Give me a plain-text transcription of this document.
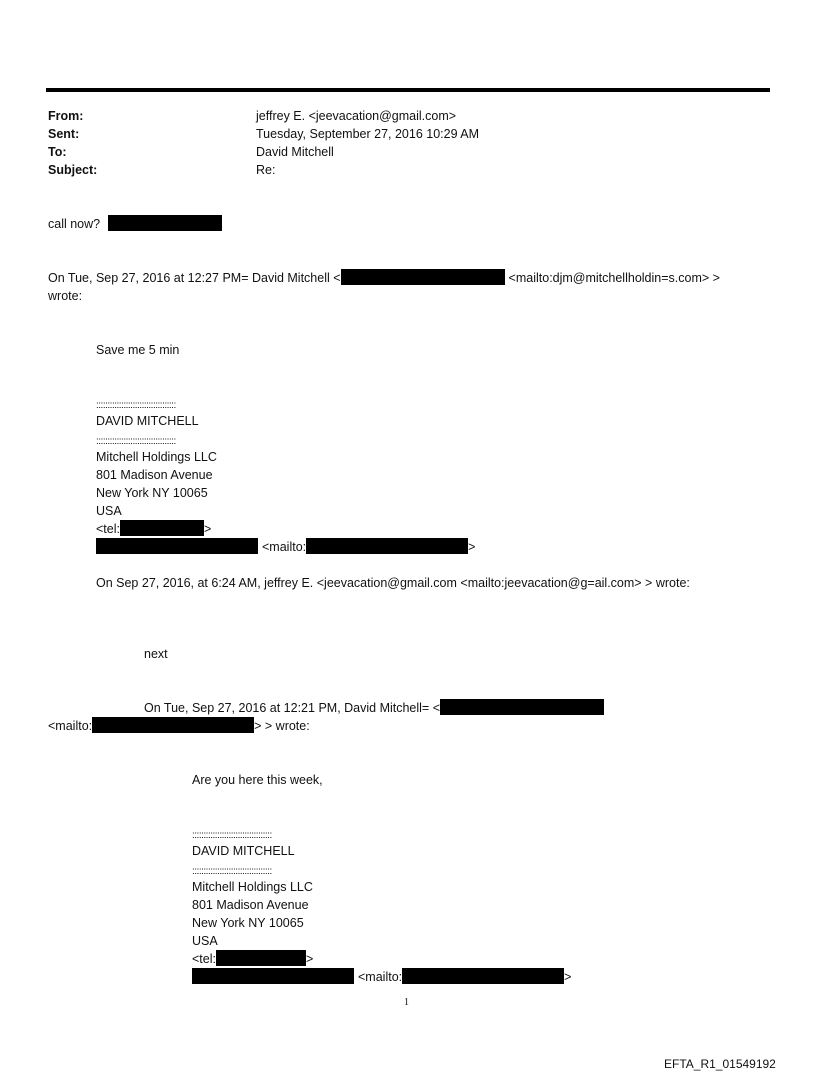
From:	jeffrey E. <jeevacation@gmail.com>
Sent:	Tuesday, September 27, 2016 10:29 AM
To:	David Mitchell
Subject:	Re:
call now?
On Tue, Sep 27, 2016 at 12:27 PM= David Mitchell <	<mailto:djm@mitchellholdin=s.com> >
wrote:
Save me 5 min
:::::::::::::::::::::::::::::::::::
DAVID MITCHELL
:::::::::::::::::::::::::::::::::::
Mitchell Holdings LLC
801 Madison Avenue
New York NY 10065
USA
<tel:	>
<mailto:	>
On Sep 27, 2016, at 6:24 AM, jeffrey E. <jeevacation@gmail.com <mailto:jeevacation@g=ail.com> > wrote:
next
On Tue, Sep 27, 2016 at 12:21 PM, David Mitchell= <
<mailto:	> > wrote:
Are you here this week,
:::::::::::::::::::::::::::::::::::
DAVID MITCHELL
:::::::::::::::::::::::::::::::::::
Mitchell Holdings LLC
801 Madison Avenue
New York NY 10065
USA
<tel:	>
<mailto:	>
1
EFTA_R1_01549192
